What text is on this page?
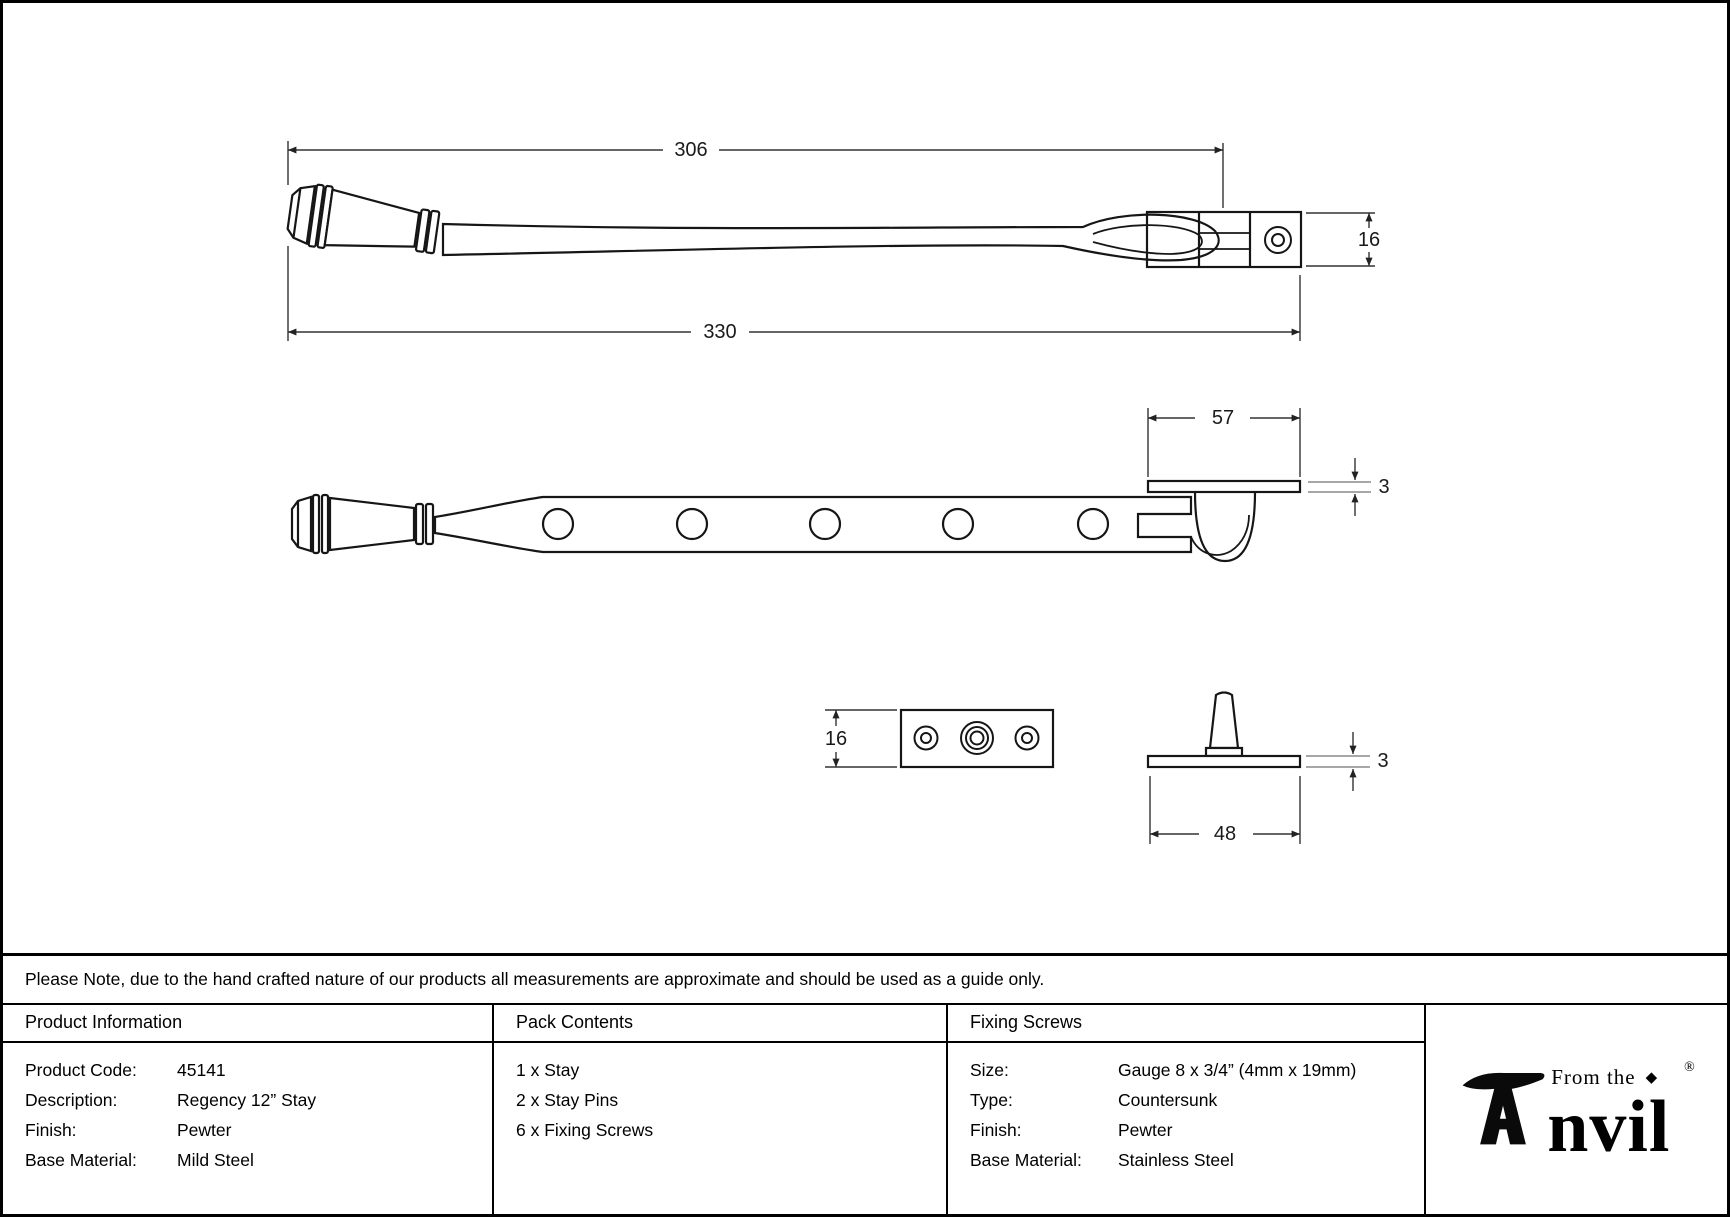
306
330
16
57
3
16
3
48
Please Note, due to the hand crafted nature of our products all measurements are approximate and should be used as a guide only.
Product Information	Pack Contents	Fixing Screws
From the ◆
®
nvil
Product Code:	45141
Description:	Regency 12” Stay
Finish:	Pewter
Base Material:	Mild Steel
1 x Stay
2 x Stay Pins
6 x Fixing Screws
Size:	Gauge 8 x 3/4” (4mm x 19mm)
Type:	Countersunk
Finish:	Pewter
Base Material:	Stainless Steel
